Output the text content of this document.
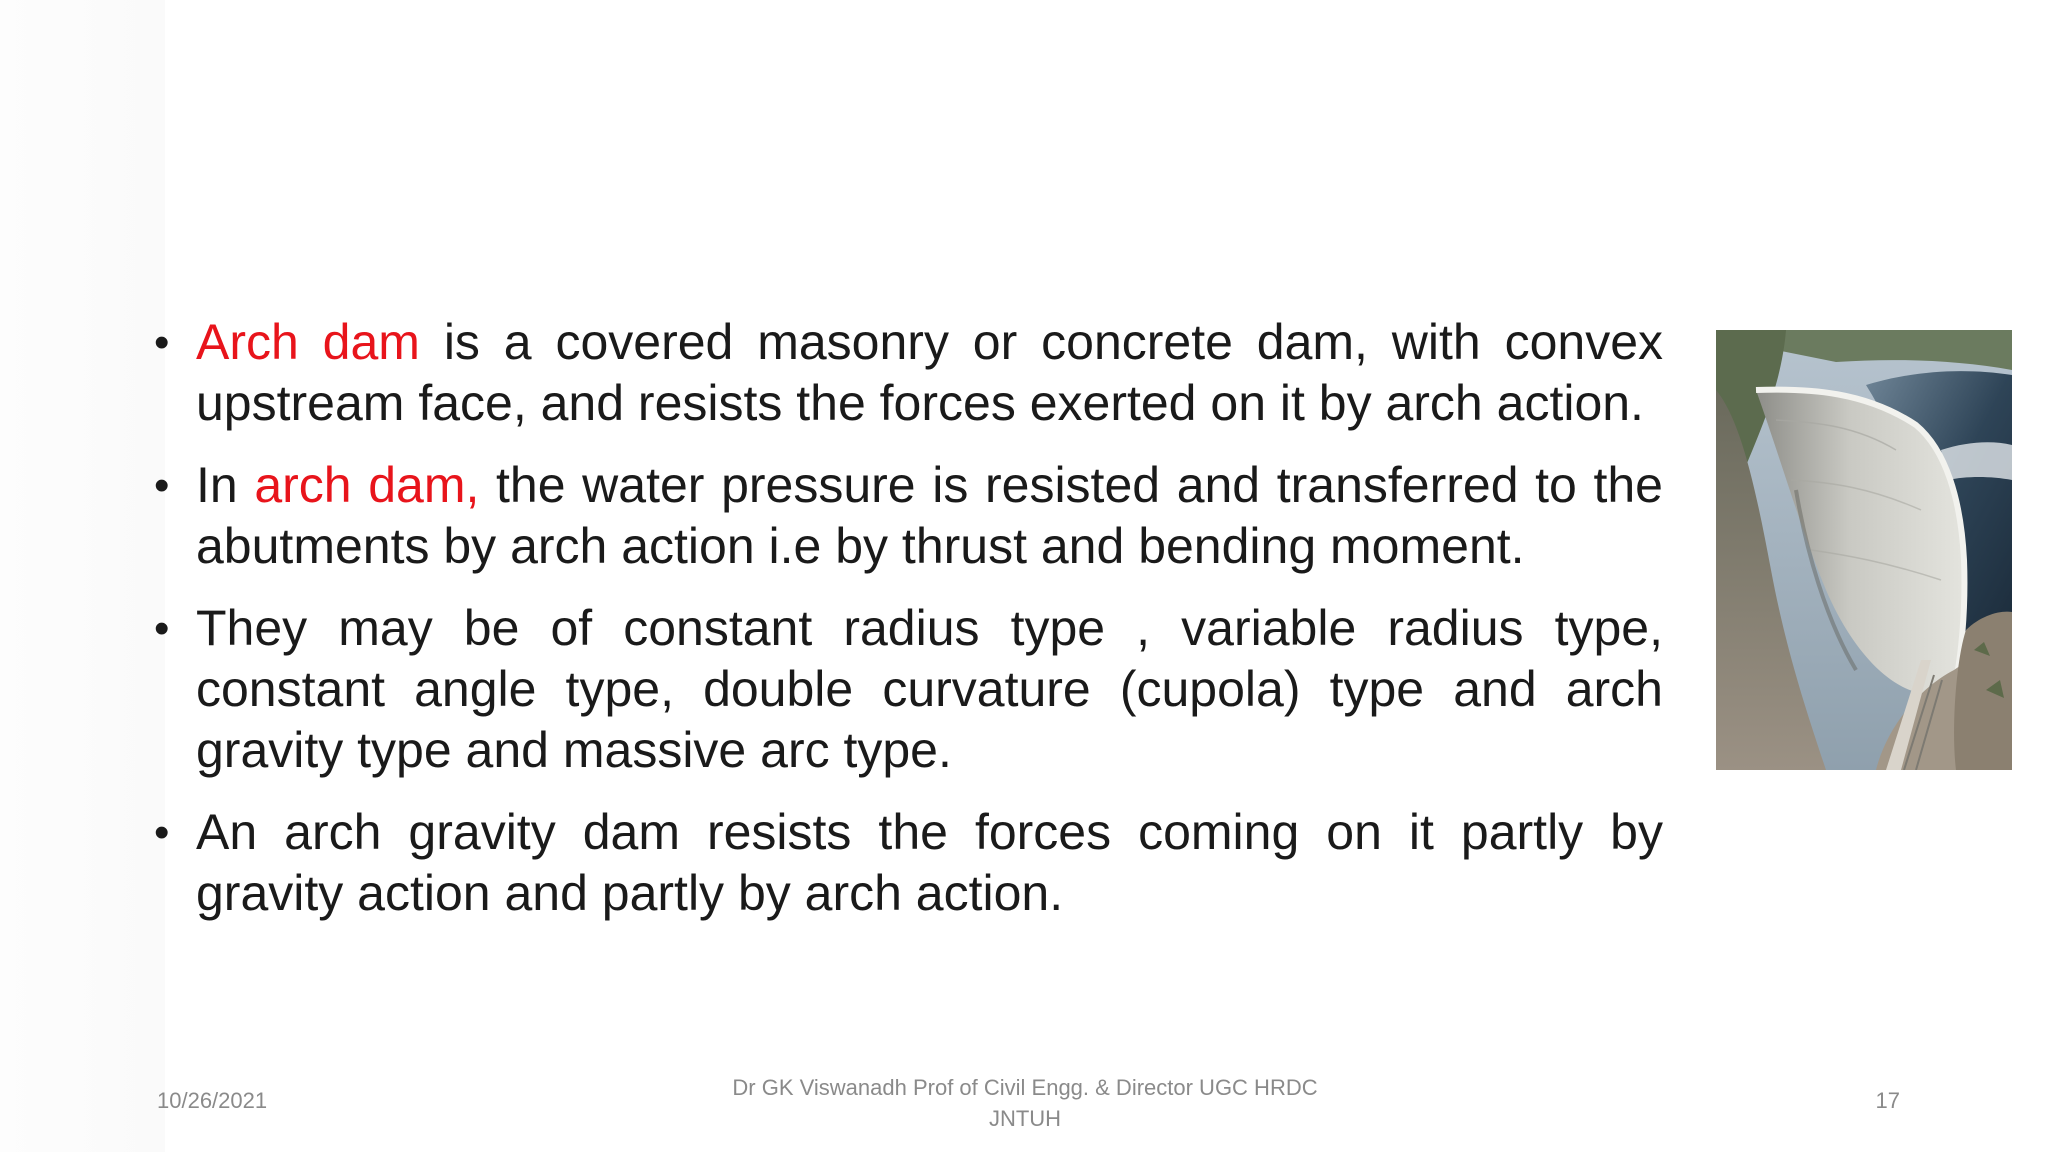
• Arch dam is a covered masonry or concrete dam, with convex upstream face, and resists the forces exerted on it by arch action.

• In arch dam, the water pressure is resisted and transferred to the abutments by arch action i.e by thrust and bending moment.

• They may be of constant radius type , variable radius type, constant angle type, double curvature (cupola) type and arch gravity type and massive arc type.

• An arch gravity dam resists the forces coming on it partly by gravity action and partly by arch action.

10/26/2021
Dr GK Viswanadh Prof of Civil Engg. & Director UGC HRDC
JNTUH
17
